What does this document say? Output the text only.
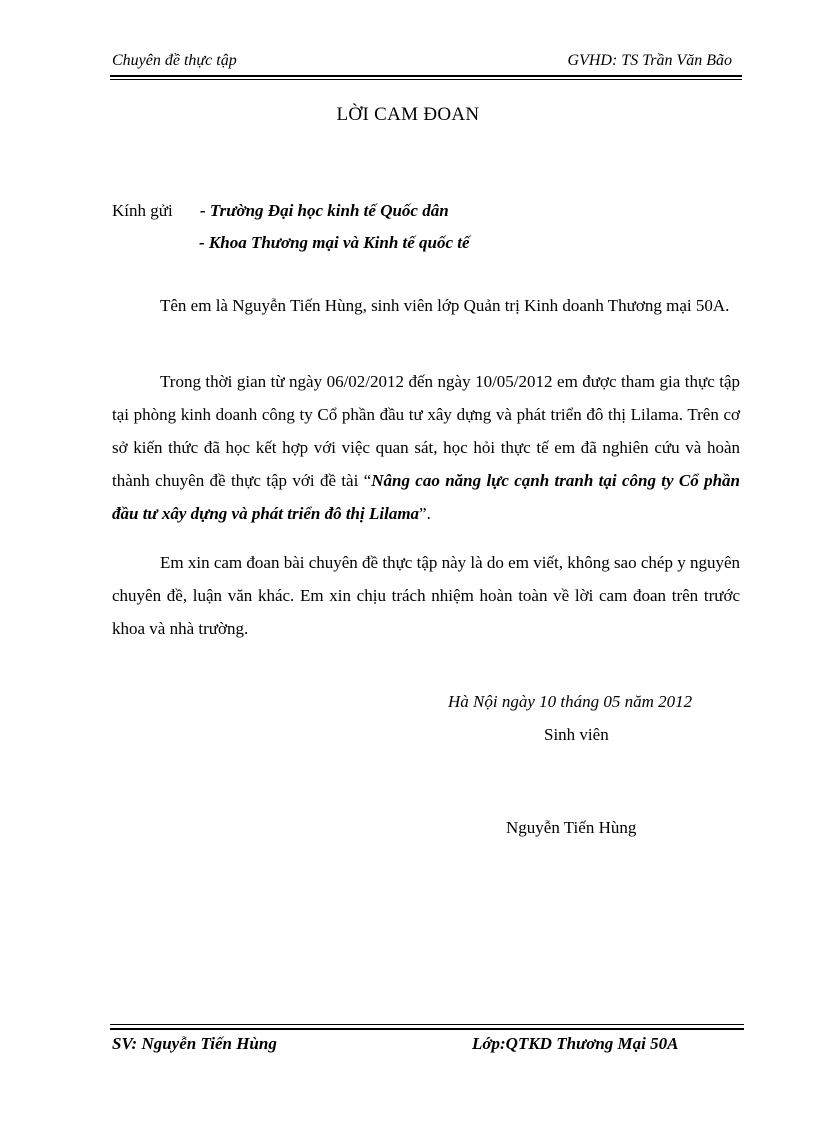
Chuyên đề thực tập	GVHD: TS Trần Văn Bão
LỜI CAM ĐOAN
Kính gửi - Trường Đại học kinh tế Quốc dân
- Khoa Thương mại và Kinh tế quốc tế
Tên em là Nguyễn Tiến Hùng, sinh viên lớp Quản trị Kinh doanh Thương mại 50A.
Trong thời gian từ ngày 06/02/2012 đến ngày 10/05/2012 em được tham gia thực tập tại phòng kinh doanh công ty Cổ phần đầu tư xây dựng và phát triển đô thị Lilama. Trên cơ sở kiến thức đã học kết hợp với việc quan sát, học hỏi thực tế em đã nghiên cứu và hoàn thành chuyên đề thực tập với đề tài “Nâng cao năng lực cạnh tranh tại công ty Cổ phần đầu tư xây dựng và phát triển đô thị Lilama”.
Em xin cam đoan bài chuyên đề thực tập này là do em viết, không sao chép y nguyên chuyên đề, luận văn khác. Em xin chịu trách nhiệm hoàn toàn về lời cam đoan trên trước khoa và nhà trường.
Hà Nội ngày 10 tháng 05 năm 2012
Sinh viên
Nguyễn Tiến Hùng
SV: Nguyễn Tiến Hùng	Lớp:QTKD Thương Mại 50A
